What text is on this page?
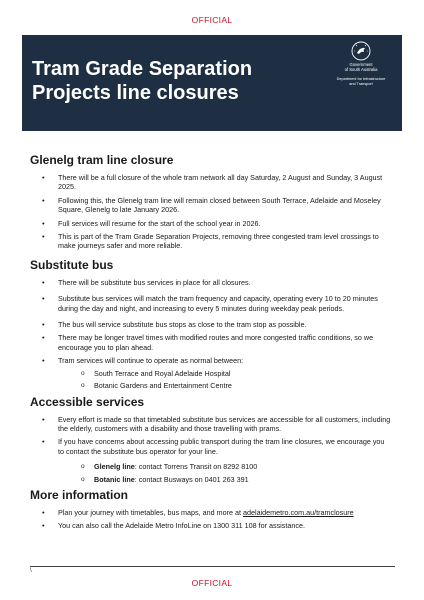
OFFICIAL
Tram Grade Separation
Projects line closures
Government
of South Australia
Department for Infrastructure
and Transport
Glenelg tram line closure
• There will be a full closure of the whole tram network all day Saturday, 2 August and Sunday, 3 August 2025.
• Following this, the Glenelg tram line will remain closed between South Terrace, Adelaide and Moseley Square, Glenelg to late January 2026.
• Full services will resume for the start of the school year in 2026.
• This is part of the Tram Grade Separation Projects, removing three congested tram level crossings to make journeys safer and more reliable.
Substitute bus
• There will be substitute bus services in place for all closures.
• Substitute bus services will match the tram frequency and capacity, operating every 10 to 20 minutes during the day and night, and increasing to every 5 minutes during weekday peak periods.
• The bus will service substitute bus stops as close to the tram stop as possible.
• There may be longer travel times with modified routes and more congested traffic conditions, so we encourage you to plan ahead.
• Tram services will continue to operate as normal between:
o South Terrace and Royal Adelaide Hospital
o Botanic Gardens and Entertainment Centre
Accessible services
• Every effort is made so that timetabled substitute bus services are accessible for all customers, including the elderly, customers with a disability and those travelling with prams.
• If you have concerns about accessing public transport during the tram line closures, we encourage you to contact the substitute bus operator for your line.
o Glenelg line: contact Torrens Transit on 8292 8100
o Botanic line: contact Busways on 0401 263 391
More information
• Plan your journey with timetables, bus maps, and more at adelaidemetro.com.au/tramclosure
• You can also call the Adelaide Metro InfoLine on 1300 311 108 for assistance.
\
OFFICIAL
